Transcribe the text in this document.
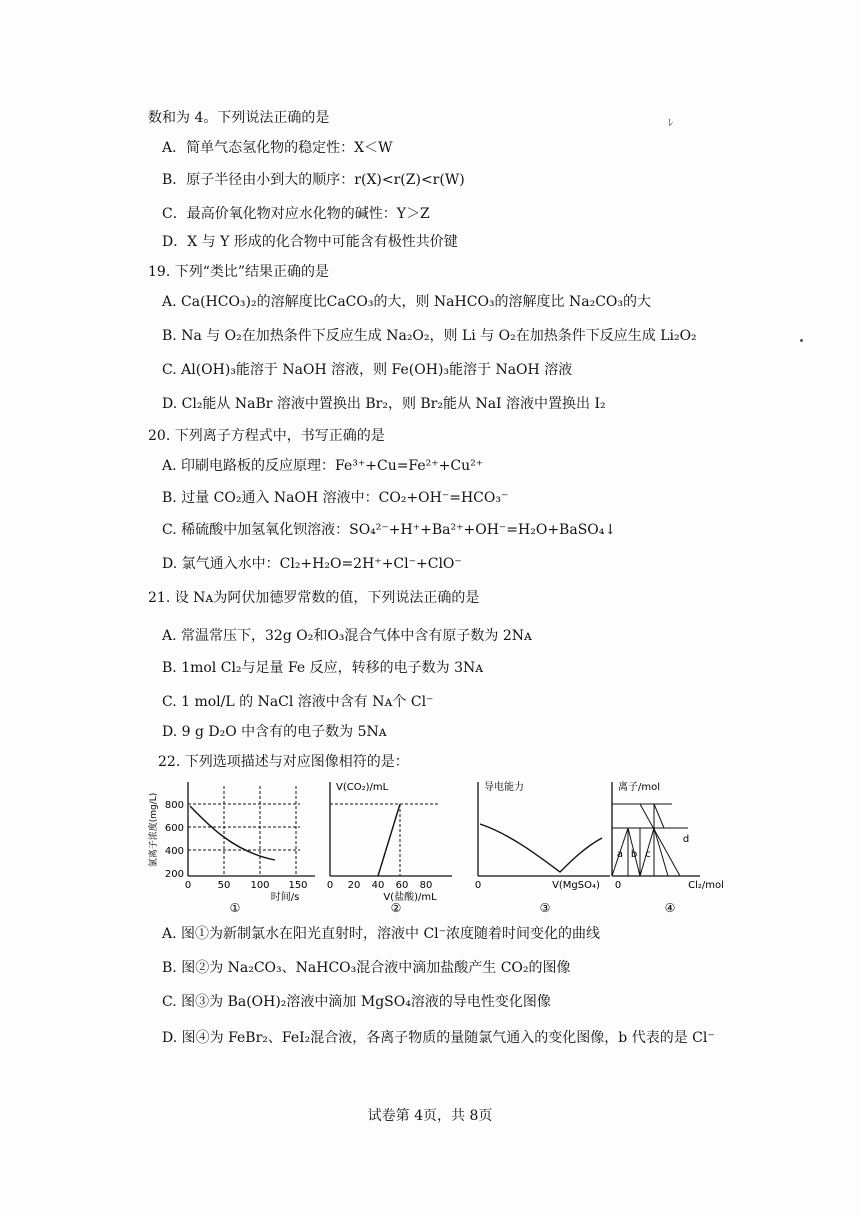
ﾚ
数和为 4。下列说法正确的是
A．简单气态氢化物的稳定性：X＜W
B．原子半径由小到大的顺序：r(X)<r(Z)<r(W)
C．最高价氧化物对应水化物的碱性：Y＞Z
D．X 与 Y 形成的化合物中可能含有极性共价键
19. 下列“类比”结果正确的是
A. Ca(HCO₃)₂的溶解度比CaCO₃的大，则 NaHCO₃的溶解度比 Na₂CO₃的大
B. Na 与 O₂在加热条件下反应生成 Na₂O₂，则 Li 与 O₂在加热条件下反应生成 Li₂O₂
C. Al(OH)₃能溶于 NaOH 溶液，则 Fe(OH)₃能溶于 NaOH 溶液
D. Cl₂能从 NaBr 溶液中置换出 Br₂，则 Br₂能从 NaI 溶液中置换出 I₂
20. 下列离子方程式中，书写正确的是
A. 印刷电路板的反应原理：Fe³⁺+Cu=Fe²⁺+Cu²⁺
B. 过量 CO₂通入 NaOH 溶液中：CO₂+OH⁻=HCO₃⁻
C. 稀硫酸中加氢氧化钡溶液：SO₄²⁻+H⁺+Ba²⁺+OH⁻=H₂O+BaSO₄↓
D. 氯气通入水中：Cl₂+H₂O=2H⁺+Cl⁻+ClO⁻
21. 设 Nᴀ为阿伏加德罗常数的值，下列说法正确的是
A. 常温常压下，32g O₂和O₃混合气体中含有原子数为 2Nᴀ
B. 1mol Cl₂与足量 Fe 反应，转移的电子数为 3Nᴀ
C. 1 mol/L 的 NaCl 溶液中含有 Nᴀ个 Cl⁻
D. 9 g D₂O 中含有的电子数为 5Nᴀ
22. 下列选项描述与对应图像相符的是：
800
600
400
200
0	50 100 150
时间/s
氯离子浓度(mg/L)
①
V(CO₂)/mL
0 20 40 60 80
V(盐酸)/mL
②
导电能力
0	V(MgSO₄)
③
离子/mol
a b c
d
0	Cl₂/mol
④
A. 图①为新制氯水在阳光直射时，溶液中 Cl⁻浓度随着时间变化的曲线
B. 图②为 Na₂CO₃、NaHCO₃混合液中滴加盐酸产生 CO₂的图像
C. 图③为 Ba(OH)₂溶液中滴加 MgSO₄溶液的导电性变化图像
D. 图④为 FeBr₂、FeI₂混合液，各离子物质的量随氯气通入的变化图像，b 代表的是 Cl⁻
试卷第 4页，共 8页
